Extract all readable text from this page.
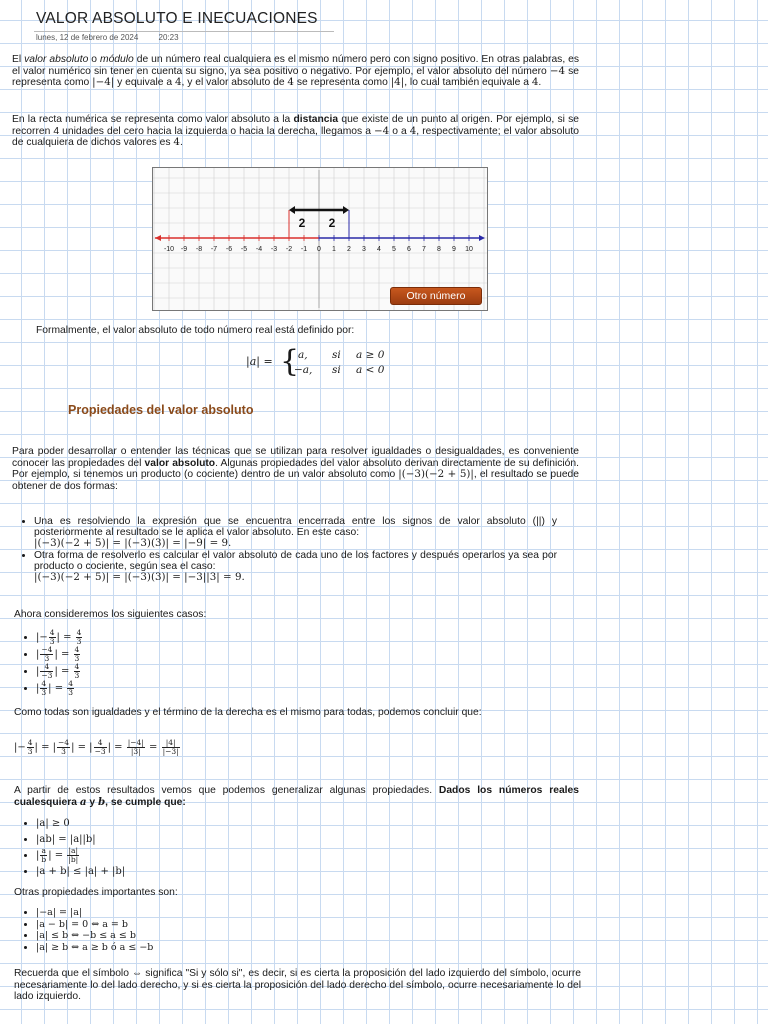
VALOR ABSOLUTO E INECUACIONES
lunes, 12 de febrero de 2024	20:23
El valor absoluto o módulo de un número real cualquiera es el mismo número pero con signo positivo. En otras palabras, es el valor numérico sin tener en cuenta su signo, ya sea positivo o negativo. Por ejemplo, el valor absoluto del número −4 se representa como |−4| y equivale a 4, y el valor absoluto de 4 se representa como |4|, lo cual también equivale a 4.
En la recta numérica se representa como valor absoluto a la distancia que existe de un punto al origen. Por ejemplo, si se recorren 4 unidades del cero hacia la izquierda o hacia la derecha, llegamos a −4 o a 4, respectivamente; el valor absoluto de cualquiera de dichos valores es 4.
-10 -9 -8 -7 -6 -5 -4 -3 -2 -1 0 1 2 3 4 5 6 7 8 9 10
2 2
Otro número
Formalmente, el valor absoluto de todo número real está definido por:
|a| = {
a, si a ≥ 0
−a, si a < 0
Propiedades del valor absoluto
Para poder desarrollar o entender las técnicas que se utilizan para resolver igualdades o desigualdades, es conveniente conocer las propiedades del valor absoluto. Algunas propiedades del valor absoluto derivan directamente de su definición. Por ejemplo, si tenemos un producto (o cociente) dentro de un valor absoluto como |(−3)(−2 + 5)|, el resultado se puede obtener de dos formas:
• Una es resolviendo la expresión que se encuentra encerrada entre los signos de valor absoluto (||) y posteriormente al resultado se le aplica el valor absoluto. En este caso:
|(−3)(−2 + 5)| = |(−3)(3)| = |−9| = 9.
• Otra forma de resolverlo es calcular el valor absoluto de cada uno de los factores y después operarlos ya sea por producto o cociente, según sea el caso:
|(−3)(−2 + 5)| = |(−3)(3)| = |−3||3| = 9.
Ahora consideremos los siguientes casos:
• |− $\frac{4}{3}$ | = $\frac{4}{3}$
• | $\frac{-4}{3}$ | = $\frac{4}{3}$
• | $\frac{4}{-3}$ | = $\frac{4}{3}$
• | $\frac{4}{3}$ | = $\frac{4}{3}$
Como todas son igualdades y el término de la derecha es el mismo para todas, podemos concluir que:
|− $\frac{4}{3}$ | = | $\frac{-4}{3}$ | = | $\frac{4}{-3}$ | = $\frac{|-4|}{|3|} = \frac{|4|}{|-3|}$
A partir de estos resultados vemos que podemos generalizar algunas propiedades. Dados los números reales cualesquiera a y b, se cumple que:
• |a| ≥ 0
• |ab| = |a||b|
• | $\frac{a}{b}$ | = $\frac{|a|}{|b|}$
• |a + b| ≤ |a| + |b|
Otras propiedades importantes son:
• |−a| = |a|
• |a − b| = 0 ⇔ a = b
• |a| ≤ b ⇔ −b ≤ a ≤ b
• |a| ≥ b ⇔ a ≥ b ó a ≤ −b
Recuerda que el símbolo ⇔ significa "Si y sólo si", es decir, si es cierta la proposición del lado izquierdo del símbolo, ocurre necesariamente lo del lado derecho, y si es cierta la proposición del lado derecho del símbolo, ocurre necesariamente lo del lado izquierdo.
